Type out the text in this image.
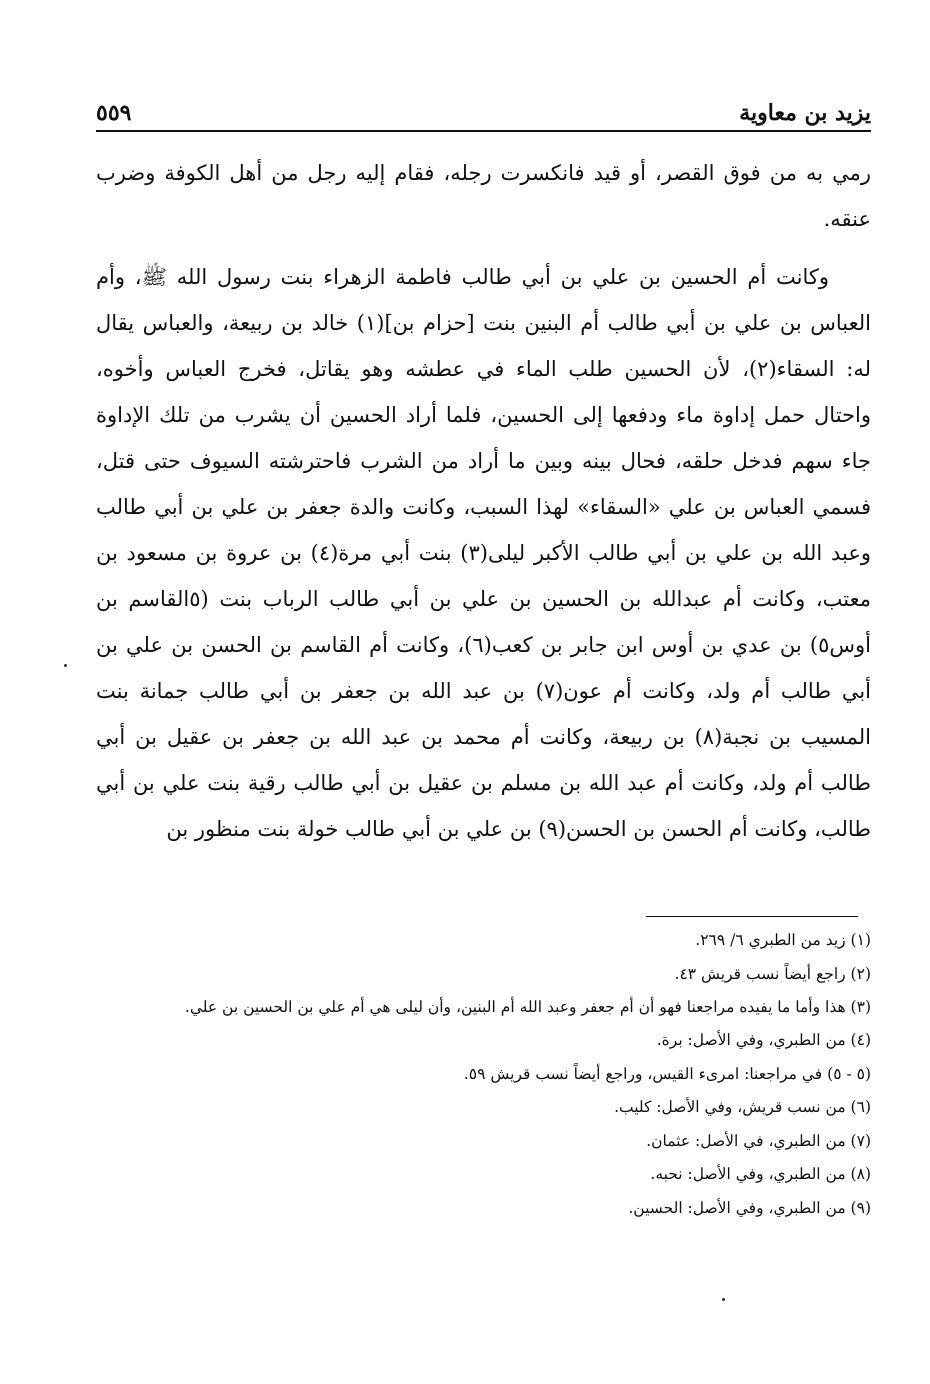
٥٥٩	يزيد بن معاوية

رمي به من فوق القصر، أو قيد فانكسرت رجله، فقام إليه رجل من أهل الكوفة وضرب عنقه.

وكانت أم الحسين بن علي بن أبي طالب فاطمة الزهراء بنت رسول الله ﷺ، وأم العباس بن علي بن أبي طالب أم البنين بنت [حزام بن](١) خالد بن ربيعة، والعباس يقال له: السقاء(٢)، لأن الحسين طلب الماء في عطشه وهو يقاتل، فخرج العباس وأخوه، واحتال حمل إداوة ماء ودفعها إلى الحسين، فلما أراد الحسين أن يشرب من تلك الإداوة جاء سهم فدخل حلقه، فحال بينه وبين ما أراد من الشرب فاحترشته السيوف حتى قتل، فسمي العباس بن علي «السقاء» لهذا السبب، وكانت والدة جعفر بن علي بن أبي طالب وعبد الله بن علي بن أبي طالب الأكبر ليلى(٣) بنت أبي مرة(٤) بن عروة بن مسعود بن معتب، وكانت أم عبدالله بن الحسين بن علي بن أبي طالب الرباب بنت (٥القاسم بن أوس٥) بن عدي بن أوس ابن جابر بن كعب(٦)، وكانت أم القاسم بن الحسن بن علي بن أبي طالب أم ولد، وكانت أم عون(٧) بن عبد الله بن جعفر بن أبي طالب جمانة بنت المسيب بن نجبة(٨) بن ربيعة، وكانت أم محمد بن عبد الله بن جعفر بن عقيل بن أبي طالب أم ولد، وكانت أم عبد الله بن مسلم بن عقيل بن أبي طالب رقية بنت علي بن أبي طالب، وكانت أم الحسن بن الحسن(٩) بن علي بن أبي طالب خولة بنت منظور بن

(١) زيد من الطبري ٦/ ٢٦٩.
(٢) راجع أيضاً نسب قريش ٤٣.
(٣) هذا وأما ما يفيده مراجعنا فهو أن أم جعفر وعبد الله أم البنين، وأن ليلى هي أم علي بن الحسين بن علي.
(٤) من الطبري، وفي الأصل: برة.
(٥ - ٥) في مراجعنا: امرىء القيس، وراجع أيضاً نسب قريش ٥٩.
(٦) من نسب قريش، وفي الأصل: كليب.
(٧) من الطبري، في الأصل: عثمان.
(٨) من الطبري، وفي الأصل: نحبه.
(٩) من الطبري، وفي الأصل: الحسين.
